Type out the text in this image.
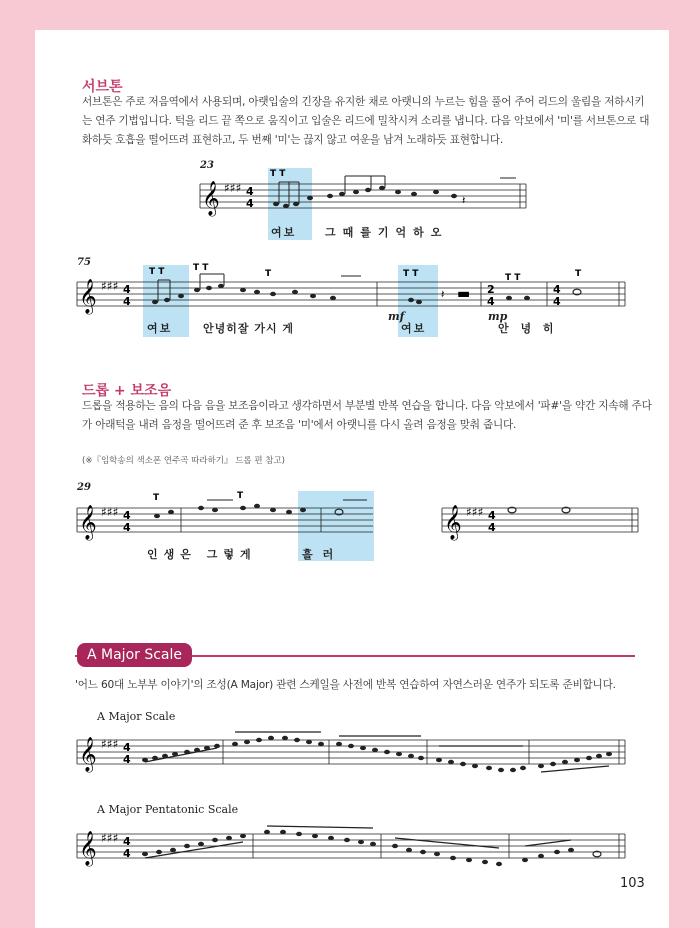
서브톤
서브톤은 주로 저음역에서 사용되며, 아랫입술의 긴장을 유지한 채로 아랫니의 누르는 힘을 풀어 주어 리드의 울림을 저하시키는 연주 기법입니다. 턱을 리드 끝 쪽으로 움직이고 입술은 리드에 밀착시켜 소리를 냅니다. 다음 악보에서 '미'를 서브톤으로 대화하듯 호흡을 떨어뜨려 표현하고, 두 번째 '미'는 끊지 않고 여운을 남겨 노래하듯 표현합니다.
23
𝄞 ♯♯♯ 4
4	𝄽
T T
여보	그때를기억하오
75
𝄞 ♯♯♯ 4
4
2
4
4
4
𝄽 ▬
T T	T T
T	T T	T T	T
mf	mp
여보	안녕히잘 가시 게	여보	안 녕 히
드롭 + 보조음
드롭을 적용하는 음의 다음 음을 보조음이라고 생각하면서 부분별 반복 연습을 합니다. 다음 악보에서 '파#'을 약간 지속해 주다가 아래턱을 내려 음정을 떨어뜨려 준 후 보조음 '미'에서 아랫니를 다시 올려 음정을 맞춰 줍니다.
(※『임학송의 색소폰 연주곡 따라하기』 드롭 편 참고)
29
𝄞 ♯♯♯ 4
4
T	T
𝄞 ♯♯♯ 4
4
인생은 그렇게	흘러
A Major Scale
'어느 60대 노부부 이야기'의 조성(A Major) 관련 스케일을 사전에 반복 연습하여 자연스러운 연주가 되도록 준비합니다.
A Major Scale
𝄞 ♯♯♯ 4
4
A Major Pentatonic Scale
𝄞 ♯♯♯ 4
4
103
